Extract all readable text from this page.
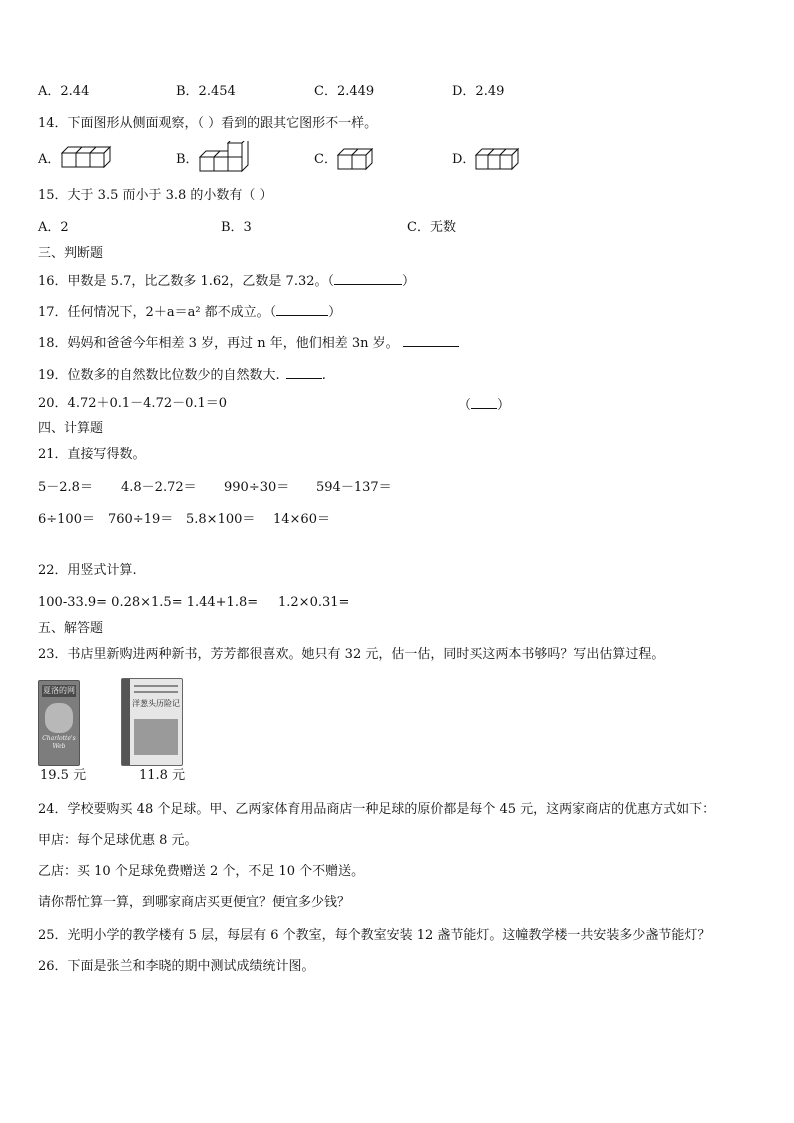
A．2.44	B．2.454	C．2.449	D．2.49
14．下面图形从侧面观察，（ ）看到的跟其它图形不一样。
A．	B．	C．	D．
15．大于 3.5 而小于 3.8 的小数有（ ）
A．2	B．3	C．无数
三、判断题
16．甲数是 5.7，比乙数多 1.62，乙数是 7.32。（	）
17．任何情况下，2＋a＝a² 都不成立。（	）
18．妈妈和爸爸今年相差 3 岁，再过 n 年，他们相差 3n 岁。
19．位数多的自然数比位数少的自然数大.	.
20．4.72＋0.1－4.72－0.1＝0	（ ）
四、计算题
21．直接写得数。
5－2.8＝ 4.8－2.72＝ 990÷30＝ 594－137＝
6÷100＝ 760÷19＝ 5.8×100＝ 14×60＝
22．用竖式计算.
100-33.9= 0.28×1.5= 1.44+1.8= 1.2×0.31=
五、解答题
23．书店里新购进两种新书，芳芳都很喜欢。她只有 32 元，估一估，同时买这两本书够吗？写出估算过程。
夏洛的网
Charlotte's Web
19.5 元
洋葱头历险记
11.8 元
24．学校要购买 48 个足球。甲、乙两家体育用品商店一种足球的原价都是每个 45 元，这两家商店的优惠方式如下：
甲店：每个足球优惠 8 元。
乙店：买 10 个足球免费赠送 2 个，不足 10 个不赠送。
请你帮忙算一算，到哪家商店买更便宜？便宜多少钱？
25．光明小学的教学楼有 5 层，每层有 6 个教室，每个教室安装 12 盏节能灯。这幢教学楼一共安装多少盏节能灯？
26．下面是张兰和李晓的期中测试成绩统计图。
